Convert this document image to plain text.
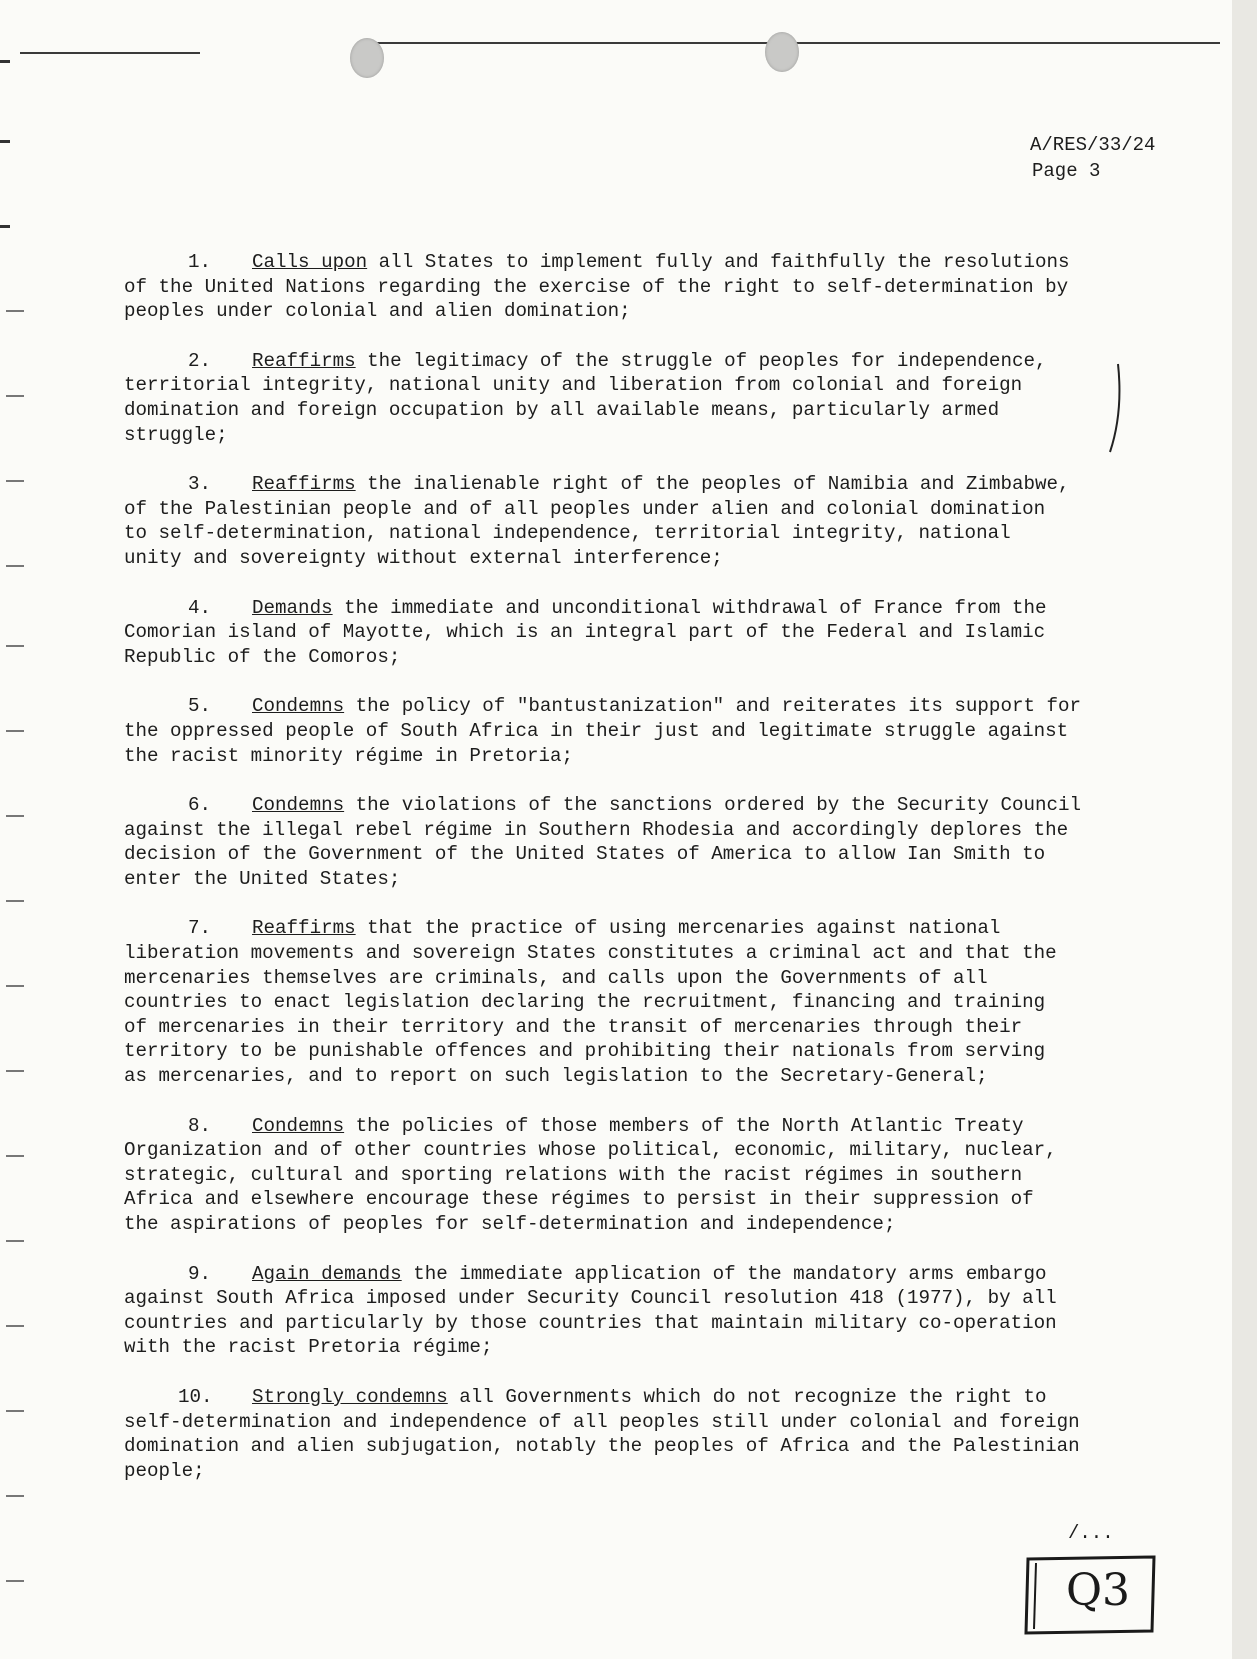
A/RES/33/24
Page 3

1. Calls upon all States to implement fully and faithfully the resolutions
of the United Nations regarding the exercise of the right to self-determination by
peoples under colonial and alien domination;

2. Reaffirms the legitimacy of the struggle of peoples for independence,
territorial integrity, national unity and liberation from colonial and foreign
domination and foreign occupation by all available means, particularly armed
struggle;

3. Reaffirms the inalienable right of the peoples of Namibia and Zimbabwe,
of the Palestinian people and of all peoples under alien and colonial domination
to self-determination, national independence, territorial integrity, national
unity and sovereignty without external interference;

4. Demands the immediate and unconditional withdrawal of France from the
Comorian island of Mayotte, which is an integral part of the Federal and Islamic
Republic of the Comoros;

5. Condemns the policy of "bantustanization" and reiterates its support for
the oppressed people of South Africa in their just and legitimate struggle against
the racist minority régime in Pretoria;

6. Condemns the violations of the sanctions ordered by the Security Council
against the illegal rebel régime in Southern Rhodesia and accordingly deplores the
decision of the Government of the United States of America to allow Ian Smith to
enter the United States;

7. Reaffirms that the practice of using mercenaries against national
liberation movements and sovereign States constitutes a criminal act and that the
mercenaries themselves are criminals, and calls upon the Governments of all
countries to enact legislation declaring the recruitment, financing and training
of mercenaries in their territory and the transit of mercenaries through their
territory to be punishable offences and prohibiting their nationals from serving
as mercenaries, and to report on such legislation to the Secretary-General;

8. Condemns the policies of those members of the North Atlantic Treaty
Organization and of other countries whose political, economic, military, nuclear,
strategic, cultural and sporting relations with the racist régimes in southern
Africa and elsewhere encourage these régimes to persist in their suppression of
the aspirations of peoples for self-determination and independence;

9. Again demands the immediate application of the mandatory arms embargo
against South Africa imposed under Security Council resolution 418 (1977), by all
countries and particularly by those countries that maintain military co-operation
with the racist Pretoria régime;

10. Strongly condemns all Governments which do not recognize the right to
self-determination and independence of all peoples still under colonial and foreign
domination and alien subjugation, notably the peoples of Africa and the Palestinian
people;

/...
Q3
